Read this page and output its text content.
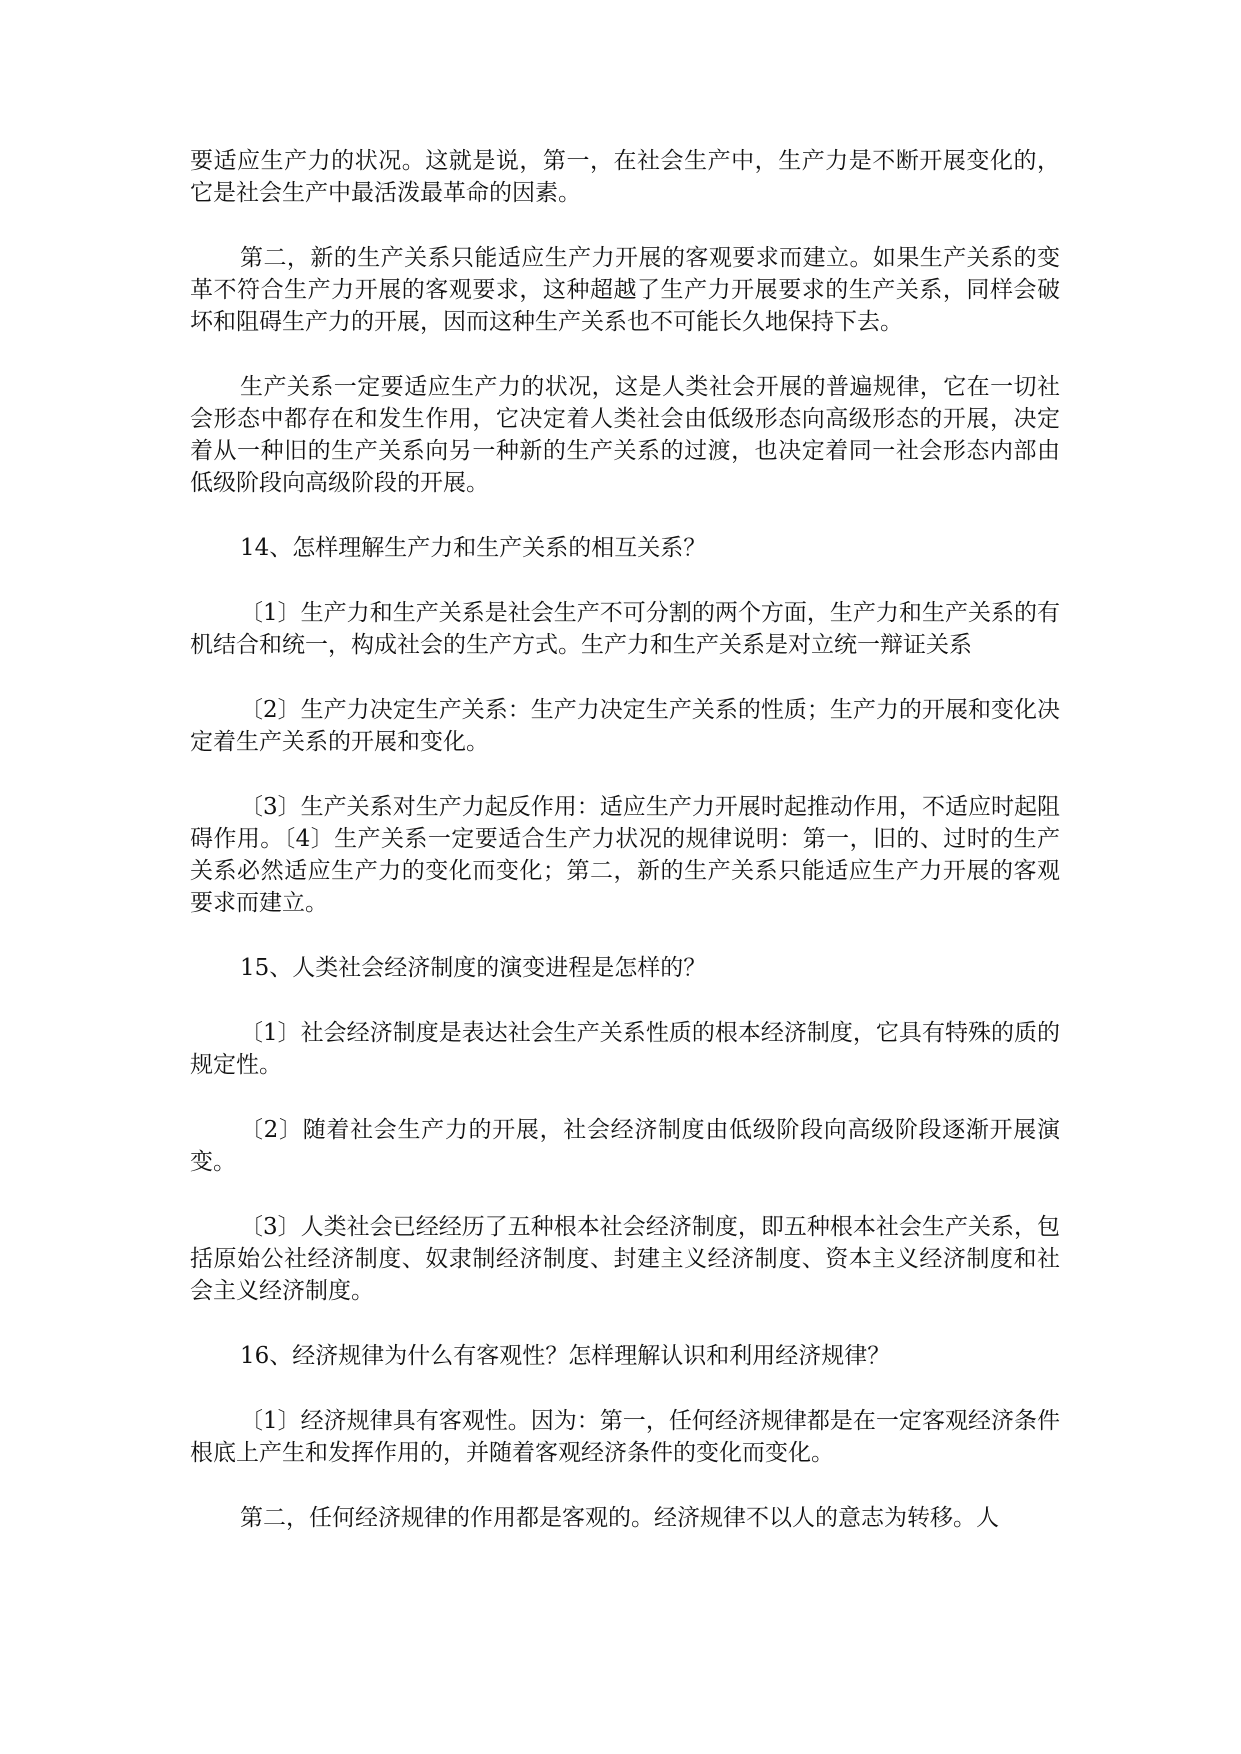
要适应生产力的状况。这就是说，第一，在社会生产中，生产力是不断开展变化的，它是社会生产中最活泼最革命的因素。

第二，新的生产关系只能适应生产力开展的客观要求而建立。如果生产关系的变革不符合生产力开展的客观要求，这种超越了生产力开展要求的生产关系，同样会破坏和阻碍生产力的开展，因而这种生产关系也不可能长久地保持下去。

生产关系一定要适应生产力的状况，这是人类社会开展的普遍规律，它在一切社会形态中都存在和发生作用，它决定着人类社会由低级形态向高级形态的开展，决定着从一种旧的生产关系向另一种新的生产关系的过渡，也决定着同一社会形态内部由低级阶段向高级阶段的开展。

14、怎样理解生产力和生产关系的相互关系？

〔1〕生产力和生产关系是社会生产不可分割的两个方面，生产力和生产关系的有机结合和统一，构成社会的生产方式。生产力和生产关系是对立统一辩证关系

〔2〕生产力决定生产关系：生产力决定生产关系的性质；生产力的开展和变化决定着生产关系的开展和变化。

〔3〕生产关系对生产力起反作用：适应生产力开展时起推动作用，不适应时起阻碍作用。〔4〕生产关系一定要适合生产力状况的规律说明：第一，旧的、过时的生产关系必然适应生产力的变化而变化；第二，新的生产关系只能适应生产力开展的客观要求而建立。

15、人类社会经济制度的演变进程是怎样的？

〔1〕社会经济制度是表达社会生产关系性质的根本经济制度，它具有特殊的质的规定性。

〔2〕随着社会生产力的开展，社会经济制度由低级阶段向高级阶段逐渐开展演变。

〔3〕人类社会已经经历了五种根本社会经济制度，即五种根本社会生产关系，包括原始公社经济制度、奴隶制经济制度、封建主义经济制度、资本主义经济制度和社会主义经济制度。

16、经济规律为什么有客观性？怎样理解认识和利用经济规律？

〔1〕经济规律具有客观性。因为：第一，任何经济规律都是在一定客观经济条件根底上产生和发挥作用的，并随着客观经济条件的变化而变化。

第二，任何经济规律的作用都是客观的。经济规律不以人的意志为转移。人
